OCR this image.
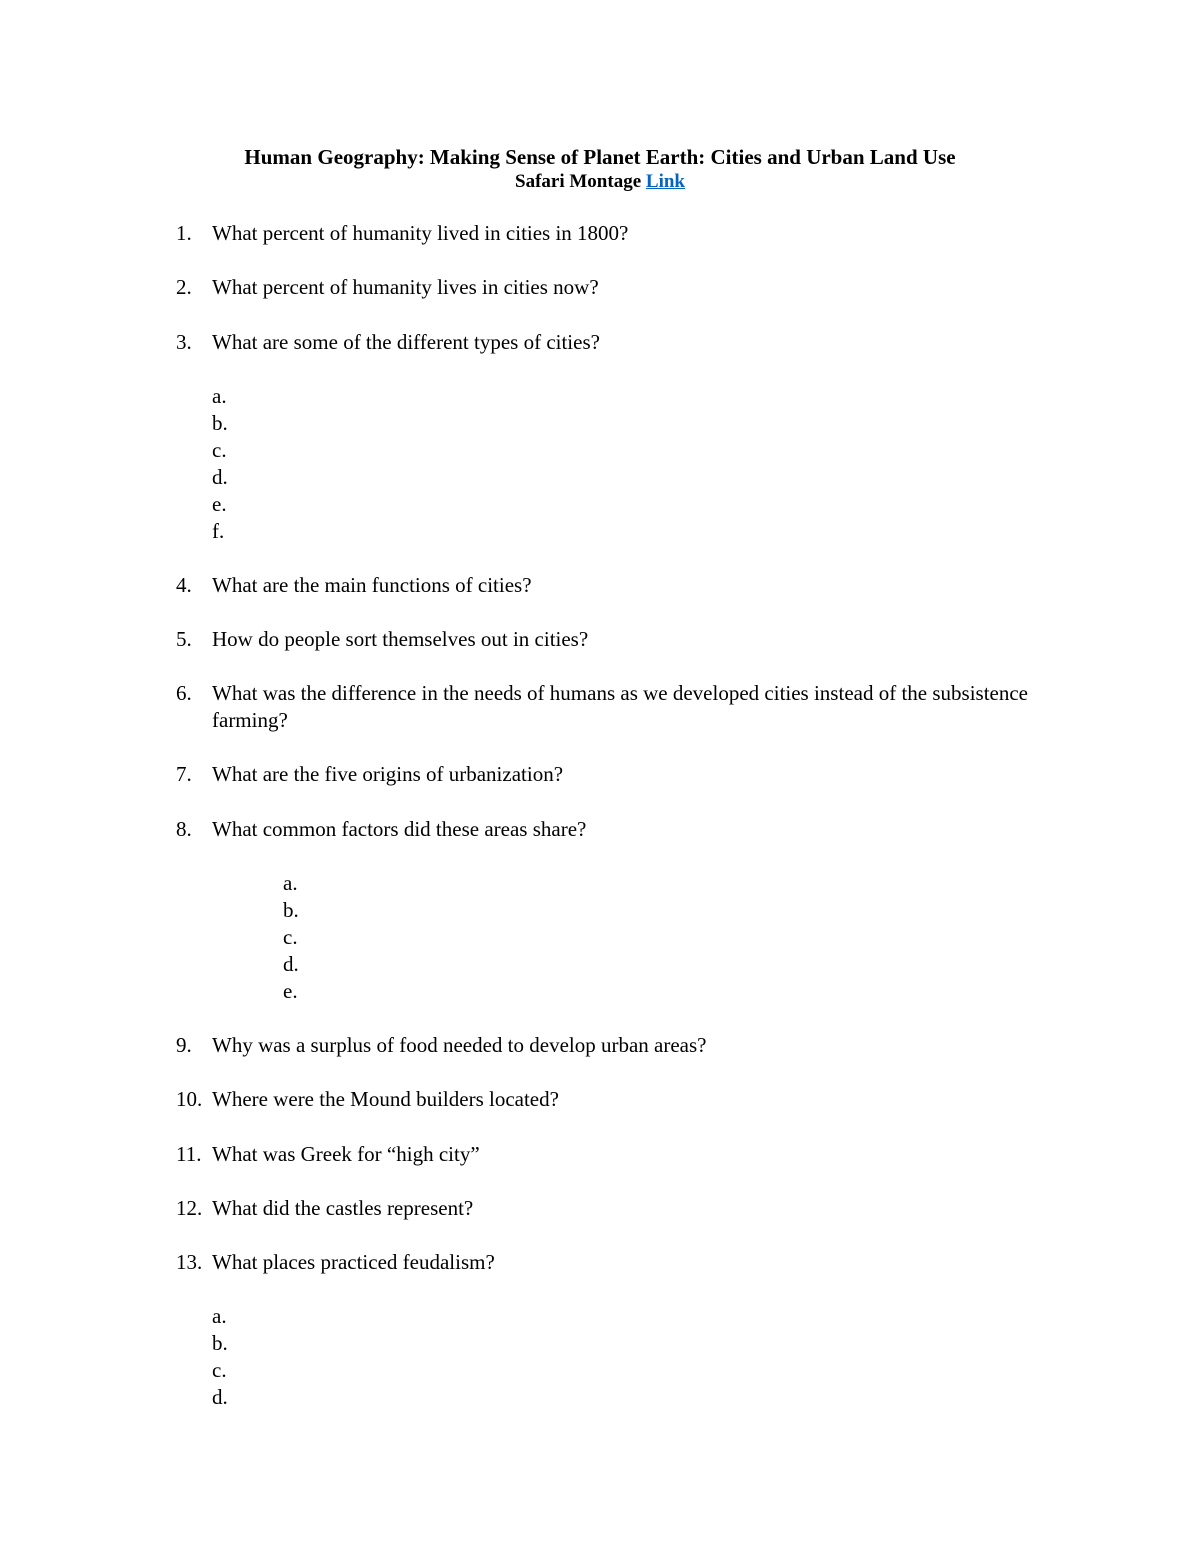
Human Geography: Making Sense of Planet Earth: Cities and Urban Land Use
Safari Montage Link
1. What percent of humanity lived in cities in 1800?
2. What percent of humanity lives in cities now?
3. What are some of the different types of cities?
a.
b.
c.
d.
e.
f.
4. What are the main functions of cities?
5. How do people sort themselves out in cities?
6. What was the difference in the needs of humans as we developed cities instead of the subsistence farming?
7. What are the five origins of urbanization?
8. What common factors did these areas share?
a.
b.
c.
d.
e.
9. Why was a surplus of food needed to develop urban areas?
10. Where were the Mound builders located?
11. What was Greek for “high city”
12. What did the castles represent?
13. What places practiced feudalism?
a.
b.
c.
d.
